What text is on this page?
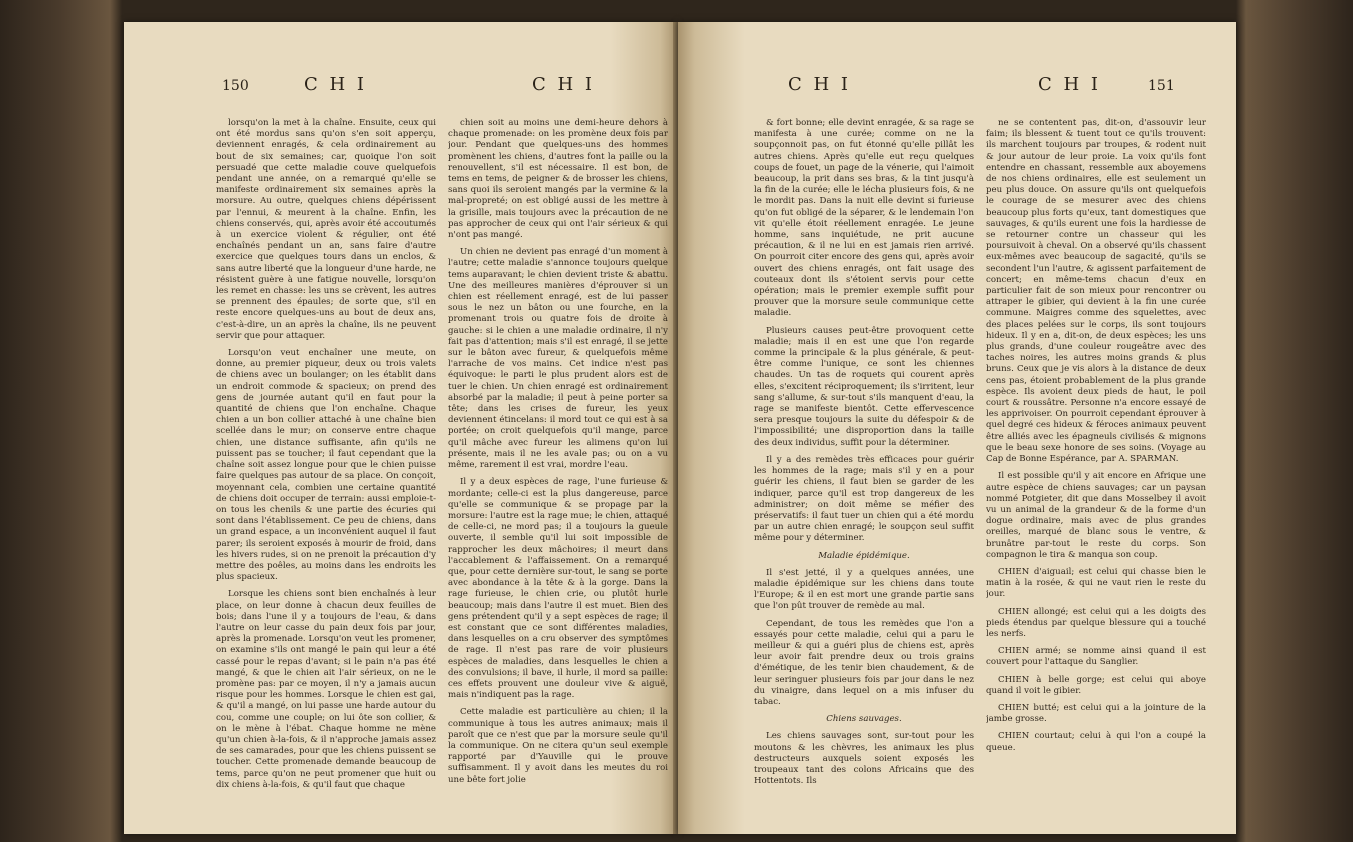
150	C H I	C H I

lorsqu'on la met à la chaîne. Ensuite, ceux qui ont été mordus sans qu'on s'en soit apperçu, deviennent enragés, & cela ordinairement au bout de six semaines; car, quoique l'on soit persuadé que cette maladie couve quelquefois pendant une année, on a remarqué qu'elle se manifeste ordinairement six semaines après la morsure. Au outre, quelques chiens dépérissent par l'ennui, & meurent à la chaîne. Enfin, les chiens conservés, qui, après avoir été accoutumés à un exercice violent & régulier, ont été enchaînés pendant un an, sans faire d'autre exercice que quelques tours dans un enclos, & sans autre liberté que la longueur d'une harde, ne résistent guère à une fatigue nouvelle, lorsqu'on les remet en chasse: les uns se crèvent, les autres se prennent des épaules; de sorte que, s'il en reste encore quelques-uns au bout de deux ans, c'est-à-dire, un an après la chaîne, ils ne peuvent servir que pour attaquer.

Lorsqu'on veut enchaîner une meute, on donne, au premier piqueur, deux ou trois valets de chiens avec un boulanger; on les établit dans un endroit commode & spacieux; on prend des gens de journée autant qu'il en faut pour la quantité de chiens que l'on enchaîne. Chaque chien a un bon collier attaché à une chaîne bien scellée dans le mur; on conserve entre chaque chien, une distance suffisante, afin qu'ils ne puissent pas se toucher; il faut cependant que la chaîne soit assez longue pour que le chien puisse faire quelques pas autour de sa place. On conçoit, moyennant cela, combien une certaine quantité de chiens doit occuper de terrain: aussi emploie-t-on tous les chenils & une partie des écuries qui sont dans l'établissement. Ce peu de chiens, dans un grand espace, a un inconvénient auquel il faut parer; ils seroient exposés à mourir de froid, dans les hivers rudes, si on ne prenoit la précaution d'y mettre des poêles, au moins dans les endroits les plus spacieux.

Lorsque les chiens sont bien enchaînés à leur place, on leur donne à chacun deux feuilles de bois; dans l'une il y a toujours de l'eau, & dans l'autre on leur casse du pain deux fois par jour, après la promenade. Lorsqu'on veut les promener, on examine s'ils ont mangé le pain qui leur a été cassé pour le repas d'avant; si le pain n'a pas été mangé, & que le chien ait l'air sérieux, on ne le promène pas: par ce moyen, il n'y a jamais aucun risque pour les hommes. Lorsque le chien est gai, & qu'il a mangé, on lui passe une harde autour du cou, comme une couple; on lui ôte son collier, & on le mène à l'ébat. Chaque homme ne mène qu'un chien à-la-fois, & il n'approche jamais assez de ses camarades, pour que les chiens puissent se toucher. Cette promenade demande beaucoup de tems, parce qu'on ne peut promener que huit ou dix chiens à-la-fois, & qu'il faut que chaque

chien soit au moins une demi-heure dehors à chaque promenade: on les promène deux fois par jour. Pendant que quelques-uns des hommes promènent les chiens, d'autres font la paille ou la renouvellent, s'il est nécessaire. Il est bon, de tems en tems, de peigner & de brosser les chiens, sans quoi ils seroient mangés par la vermine & la mal-propreté; on est obligé aussi de les mettre à la grisille, mais toujours avec la précaution de ne pas approcher de ceux qui ont l'air sérieux & qui n'ont pas mangé.

Un chien ne devient pas enragé d'un moment à l'autre; cette maladie s'annonce toujours quelque tems auparavant; le chien devient triste & abattu. Une des meilleures manières d'éprouver si un chien est réellement enragé, est de lui passer sous le nez un bâton ou une fourche, en la promenant trois ou quatre fois de droite à gauche: si le chien a une maladie ordinaire, il n'y fait pas d'attention; mais s'il est enragé, il se jette sur le bâton avec fureur, & quelquefois même l'arrache de vos mains. Cet indice n'est pas équivoque: le parti le plus prudent alors est de tuer le chien. Un chien enragé est ordinairement absorbé par la maladie; il peut à peine porter sa tête; dans les crises de fureur, les yeux deviennent étincelans: il mord tout ce qui est à sa portée; on croit quelquefois qu'il mange, parce qu'il mâche avec fureur les alimens qu'on lui présente, mais il ne les avale pas; ou on a vu même, rarement il est vrai, mordre l'eau.

Il y a deux espèces de rage, l'une furieuse & mordante; celle-ci est la plus dangereuse, parce qu'elle se communique & se propage par la morsure: l'autre est la rage mue; le chien, attaqué de celle-ci, ne mord pas; il a toujours la gueule ouverte, il semble qu'il lui soit impossible de rapprocher les deux mâchoires; il meurt dans l'accablement & l'affaissement. On a remarqué que, pour cette dernière sur-tout, le sang se porte avec abondance à la tête & à la gorge. Dans la rage furieuse, le chien crie, ou plutôt hurle beaucoup; mais dans l'autre il est muet. Bien des gens prétendent qu'il y a sept espèces de rage; il est constant que ce sont différentes maladies, dans lesquelles on a cru observer des symptômes de rage. Il n'est pas rare de voir plusieurs espèces de maladies, dans lesquelles le chien a des convulsions; il bave, il hurle, il mord sa paille: ces effets prouvent une douleur vive & aiguë, mais n'indiquent pas la rage.

Cette maladie est particulière au chien; il la communique à tous les autres animaux; mais il paroît que ce n'est que par la morsure seule qu'il la communique. On ne citera qu'un seul exemple rapporté par d'Yauville qui le prouve suffisamment. Il y avoit dans les meutes du roi une bête fort jolie

C H I	C H I	151

& fort bonne; elle devint enragée, & sa rage se manifesta à une curée; comme on ne la soupçonnoit pas, on fut étonné qu'elle pillât les autres chiens. Après qu'elle eut reçu quelques coups de fouet, un page de la vénerie, qui l'aimoit beaucoup, la prit dans ses bras, & la tint jusqu'à la fin de la curée; elle le lécha plusieurs fois, & ne le mordit pas. Dans la nuit elle devint si furieuse qu'on fut obligé de la séparer, & le lendemain l'on vit qu'elle étoit réellement enragée. Le jeune homme, sans inquiétude, ne prit aucune précaution, & il ne lui en est jamais rien arrivé. On pourroit citer encore des gens qui, après avoir ouvert des chiens enragés, ont fait usage des couteaux dont ils s'étoient servis pour cette opération; mais le premier exemple suffit pour prouver que la morsure seule communique cette maladie.

Plusieurs causes peut-être provoquent cette maladie; mais il en est une que l'on regarde comme la principale & la plus générale, & peut-être comme l'unique, ce sont les chiennes chaudes. Un tas de roquets qui courent après elles, s'excitent réciproquement; ils s'irritent, leur sang s'allume, & sur-tout s'ils manquent d'eau, la rage se manifeste bientôt. Cette effervescence sera presque toujours la suite du défespoir & de l'impossibilité; une disproportion dans la taille des deux individus, suffit pour la déterminer.

Il y a des remèdes très efficaces pour guérir les hommes de la rage; mais s'il y en a pour guérir les chiens, il faut bien se garder de les indiquer, parce qu'il est trop dangereux de les administrer; on doit même se méfier des préservatifs: il faut tuer un chien qui a été mordu par un autre chien enragé; le soupçon seul suffit même pour y déterminer.

Maladie épidémique.

Il s'est jetté, il y a quelques années, une maladie épidémique sur les chiens dans toute l'Europe; & il en est mort une grande partie sans que l'on pût trouver de remède au mal.

Cependant, de tous les remèdes que l'on a essayés pour cette maladie, celui qui a paru le meilleur & qui a guéri plus de chiens est, après leur avoir fait prendre deux ou trois grains d'émétique, de les tenir bien chaudement, & de leur seringuer plusieurs fois par jour dans le nez du vinaigre, dans lequel on a mis infuser du tabac.

Chiens sauvages.

Les chiens sauvages sont, sur-tout pour les moutons & les chèvres, les animaux les plus destructeurs auxquels soient exposés les troupeaux tant des colons Africains que des Hottentots. Ils

ne se contentent pas, dit-on, d'assouvir leur faim; ils blessent & tuent tout ce qu'ils trouvent: ils marchent toujours par troupes, & rodent nuit & jour autour de leur proie. La voix qu'ils font entendre en chassant, ressemble aux aboyemens de nos chiens ordinaires, elle est seulement un peu plus douce. On assure qu'ils ont quelquefois le courage de se mesurer avec des chiens beaucoup plus forts qu'eux, tant domestiques que sauvages, & qu'ils eurent une fois la hardiesse de se retourner contre un chasseur qui les poursuivoit à cheval. On a observé qu'ils chassent eux-mêmes avec beaucoup de sagacité, qu'ils se secondent l'un l'autre, & agissent parfaitement de concert; en même-tems chacun d'eux en particulier fait de son mieux pour rencontrer ou attraper le gibier, qui devient à la fin une curée commune. Maigres comme des squelettes, avec des places pelées sur le corps, ils sont toujours hideux. Il y en a, dit-on, de deux espèces; les uns plus grands, d'une couleur rougeâtre avec des taches noires, les autres moins grands & plus bruns. Ceux que je vis alors à la distance de deux cens pas, étoient probablement de la plus grande espèce. Ils avoient deux pieds de haut, le poil court & roussâtre. Personne n'a encore essayé de les apprivoiser. On pourroit cependant éprouver à quel degré ces hideux & féroces animaux peuvent être alliés avec les épagneuls civilisés & mignons que le beau sexe honore de ses soins. (Voyage au Cap de Bonne Espérance, par A. SPARMAN.

Il est possible qu'il y ait encore en Afrique une autre espèce de chiens sauvages; car un paysan nommé Potgieter, dit que dans Mosselbey il avoit vu un animal de la grandeur & de la forme d'un dogue ordinaire, mais avec de plus grandes oreilles, marqué de blanc sous le ventre, & brunâtre par-tout le reste du corps. Son compagnon le tira & manqua son coup.

CHIEN d'aiguail; est celui qui chasse bien le matin à la rosée, & qui ne vaut rien le reste du jour.

CHIEN allongé; est celui qui a les doigts des pieds étendus par quelque blessure qui a touché les nerfs.

CHIEN armé; se nomme ainsi quand il est couvert pour l'attaque du Sanglier.

CHIEN à belle gorge; est celui qui aboye quand il voit le gibier.

CHIEN butté; est celui qui a la jointure de la jambe grosse.

CHIEN courtaut; celui à qui l'on a coupé la queue.
